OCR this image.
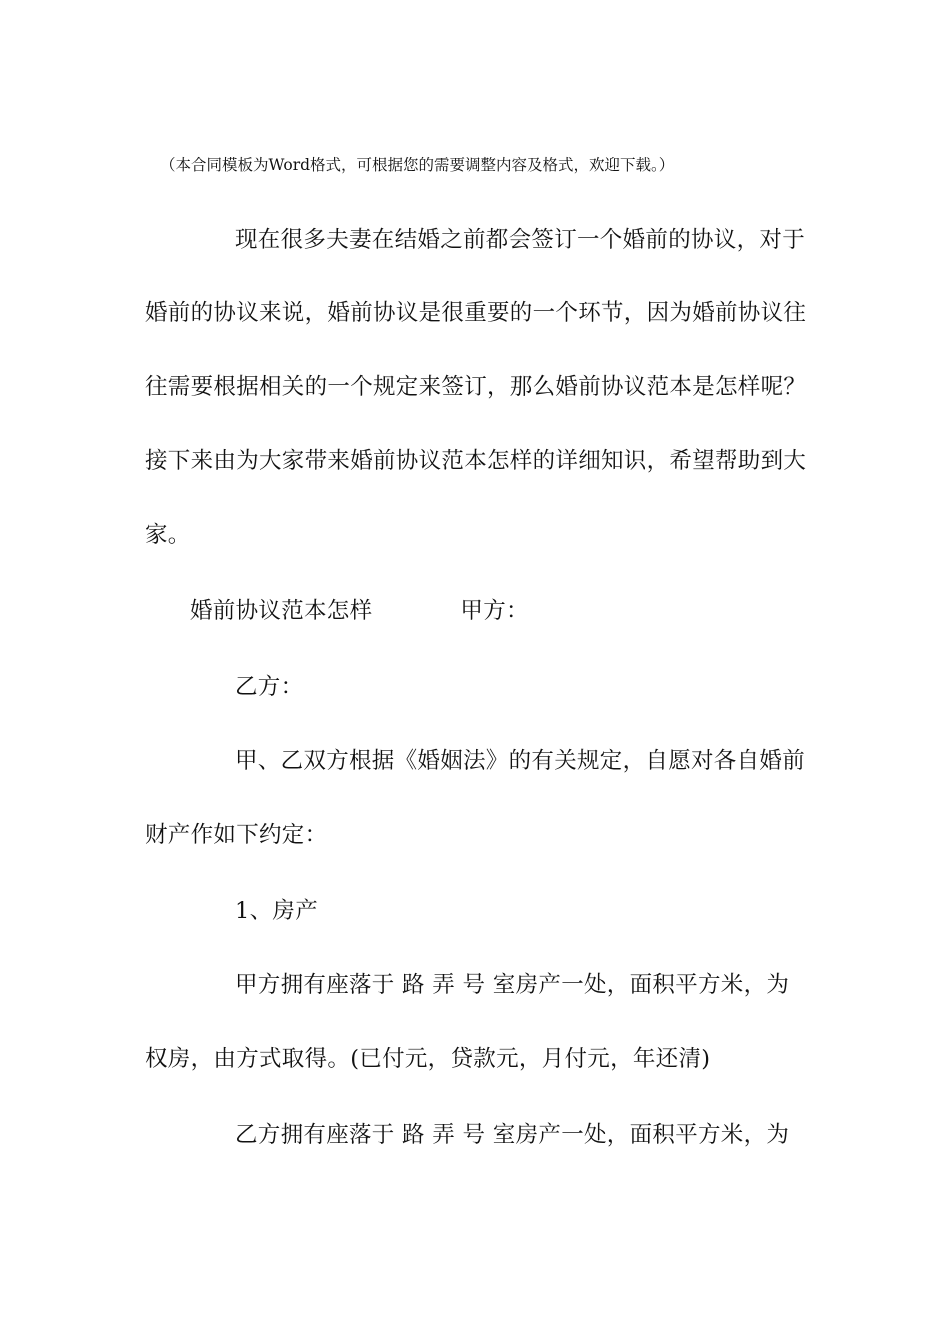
（本合同模板为Word格式，可根据您的需要调整内容及格式，欢迎下载。）
现在很多夫妻在结婚之前都会签订一个婚前的协议，对于
婚前的协议来说，婚前协议是很重要的一个环节，因为婚前协议往
往需要根据相关的一个规定来签订，那么婚前协议范本是怎样呢？
接下来由为大家带来婚前协议范本怎样的详细知识，希望帮助到大
家。
婚前协议范本怎样	甲方：
乙方：
甲、乙双方根据《婚姻法》的有关规定，自愿对各自婚前
财产作如下约定：
1、房产
甲方拥有座落于 路 弄 号 室房产一处，面积平方米，为
权房，由方式取得。(已付元，贷款元，月付元，年还清)
乙方拥有座落于 路 弄 号 室房产一处，面积平方米，为
